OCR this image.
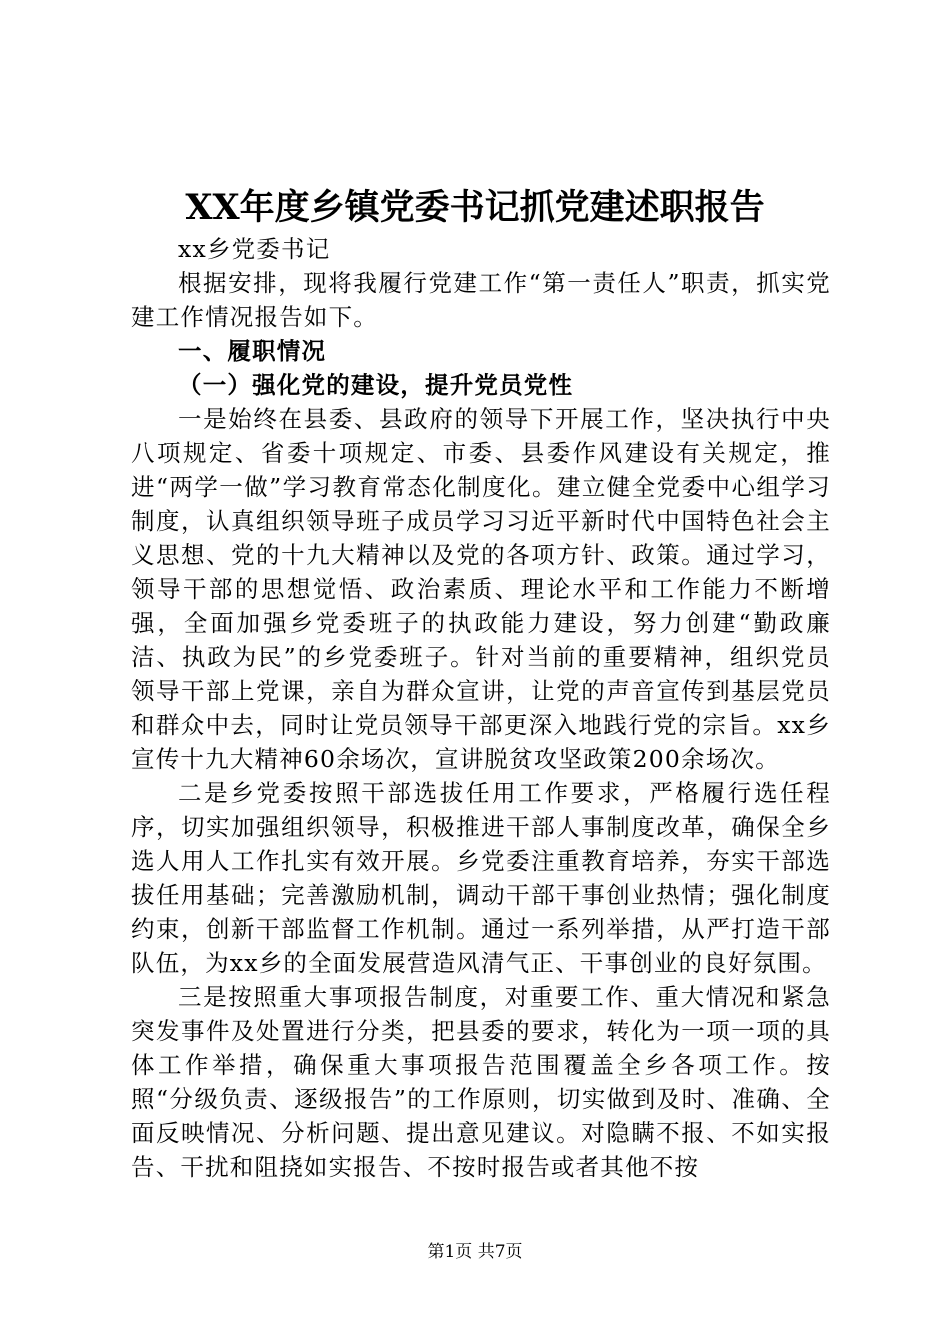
XX年度乡镇党委书记抓党建述职报告

xx乡党委书记

根据安排，现将我履行党建工作“第一责任人”职责，抓实党建工作情况报告如下。

一、履职情况

（一）强化党的建设，提升党员党性

一是始终在县委、县政府的领导下开展工作，坚决执行中央八项规定、省委十项规定、市委、县委作风建设有关规定，推进“两学一做”学习教育常态化制度化。建立健全党委中心组学习制度，认真组织领导班子成员学习习近平新时代中国特色社会主义思想、党的十九大精神以及党的各项方针、政策。通过学习，领导干部的思想觉悟、政治素质、理论水平和工作能力不断增强，全面加强乡党委班子的执政能力建设，努力创建“勤政廉洁、执政为民”的乡党委班子。针对当前的重要精神，组织党员领导干部上党课，亲自为群众宣讲，让党的声音宣传到基层党员和群众中去，同时让党员领导干部更深入地践行党的宗旨。xx乡宣传十九大精神60余场次，宣讲脱贫攻坚政策200余场次。

二是乡党委按照干部选拔任用工作要求，严格履行选任程序，切实加强组织领导，积极推进干部人事制度改革，确保全乡选人用人工作扎实有效开展。乡党委注重教育培养，夯实干部选拔任用基础；完善激励机制，调动干部干事创业热情；强化制度约束，创新干部监督工作机制。通过一系列举措，从严打造干部队伍，为xx乡的全面发展营造风清气正、干事创业的良好氛围。

三是按照重大事项报告制度，对重要工作、重大情况和紧急突发事件及处置进行分类，把县委的要求，转化为一项一项的具体工作举措，确保重大事项报告范围覆盖全乡各项工作。按照“分级负责、逐级报告”的工作原则，切实做到及时、准确、全面反映情况、分析问题、提出意见建议。对隐瞒不报、不如实报告、干扰和阻挠如实报告、不按时报告或者其他不按

第1页 共7页
